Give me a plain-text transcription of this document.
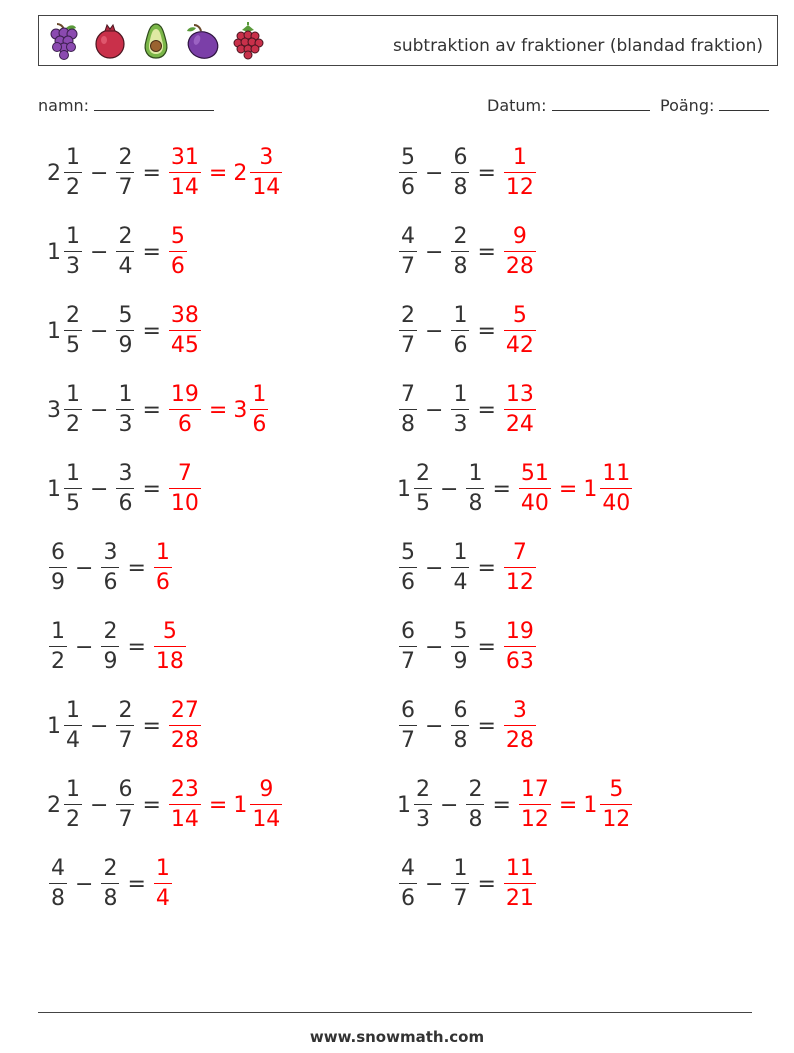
subtraktion av fraktioner (blandad fraktion)
namn:	Datum:	Poäng:
$2 \frac{1}{2} - \frac{2}{7} = \frac{31}{14} = 2 \frac{3}{14}$	$\frac{5}{6} - \frac{6}{8} = \frac{1}{12}$
$1 \frac{1}{3} - \frac{2}{4} = \frac{5}{6}$	$\frac{4}{7} - \frac{2}{8} = \frac{9}{28}$
$1 \frac{2}{5} - \frac{5}{9} = \frac{38}{45}$	$\frac{2}{7} - \frac{1}{6} = \frac{5}{42}$
$3 \frac{1}{2} - \frac{1}{3} = \frac{19}{6} = 3 \frac{1}{6}$	$\frac{7}{8} - \frac{1}{3} = \frac{13}{24}$
$1 \frac{1}{5} - \frac{3}{6} = \frac{7}{10}$	$1 \frac{2}{5} - \frac{1}{8} = \frac{51}{40} = 1 \frac{11}{40}$
$\frac{6}{9} - \frac{3}{6} = \frac{1}{6}$	$\frac{5}{6} - \frac{1}{4} = \frac{7}{12}$
$\frac{1}{2} - \frac{2}{9} = \frac{5}{18}$	$\frac{6}{7} - \frac{5}{9} = \frac{19}{63}$
$1 \frac{1}{4} - \frac{2}{7} = \frac{27}{28}$	$\frac{6}{7} - \frac{6}{8} = \frac{3}{28}$
$2 \frac{1}{2} - \frac{6}{7} = \frac{23}{14} = 1 \frac{9}{14}$	$1 \frac{2}{3} - \frac{2}{8} = \frac{17}{12} = 1 \frac{5}{12}$
$\frac{4}{8} - \frac{2}{8} = \frac{1}{4}$	$\frac{4}{6} - \frac{1}{7} = \frac{11}{21}$
www.snowmath.com
